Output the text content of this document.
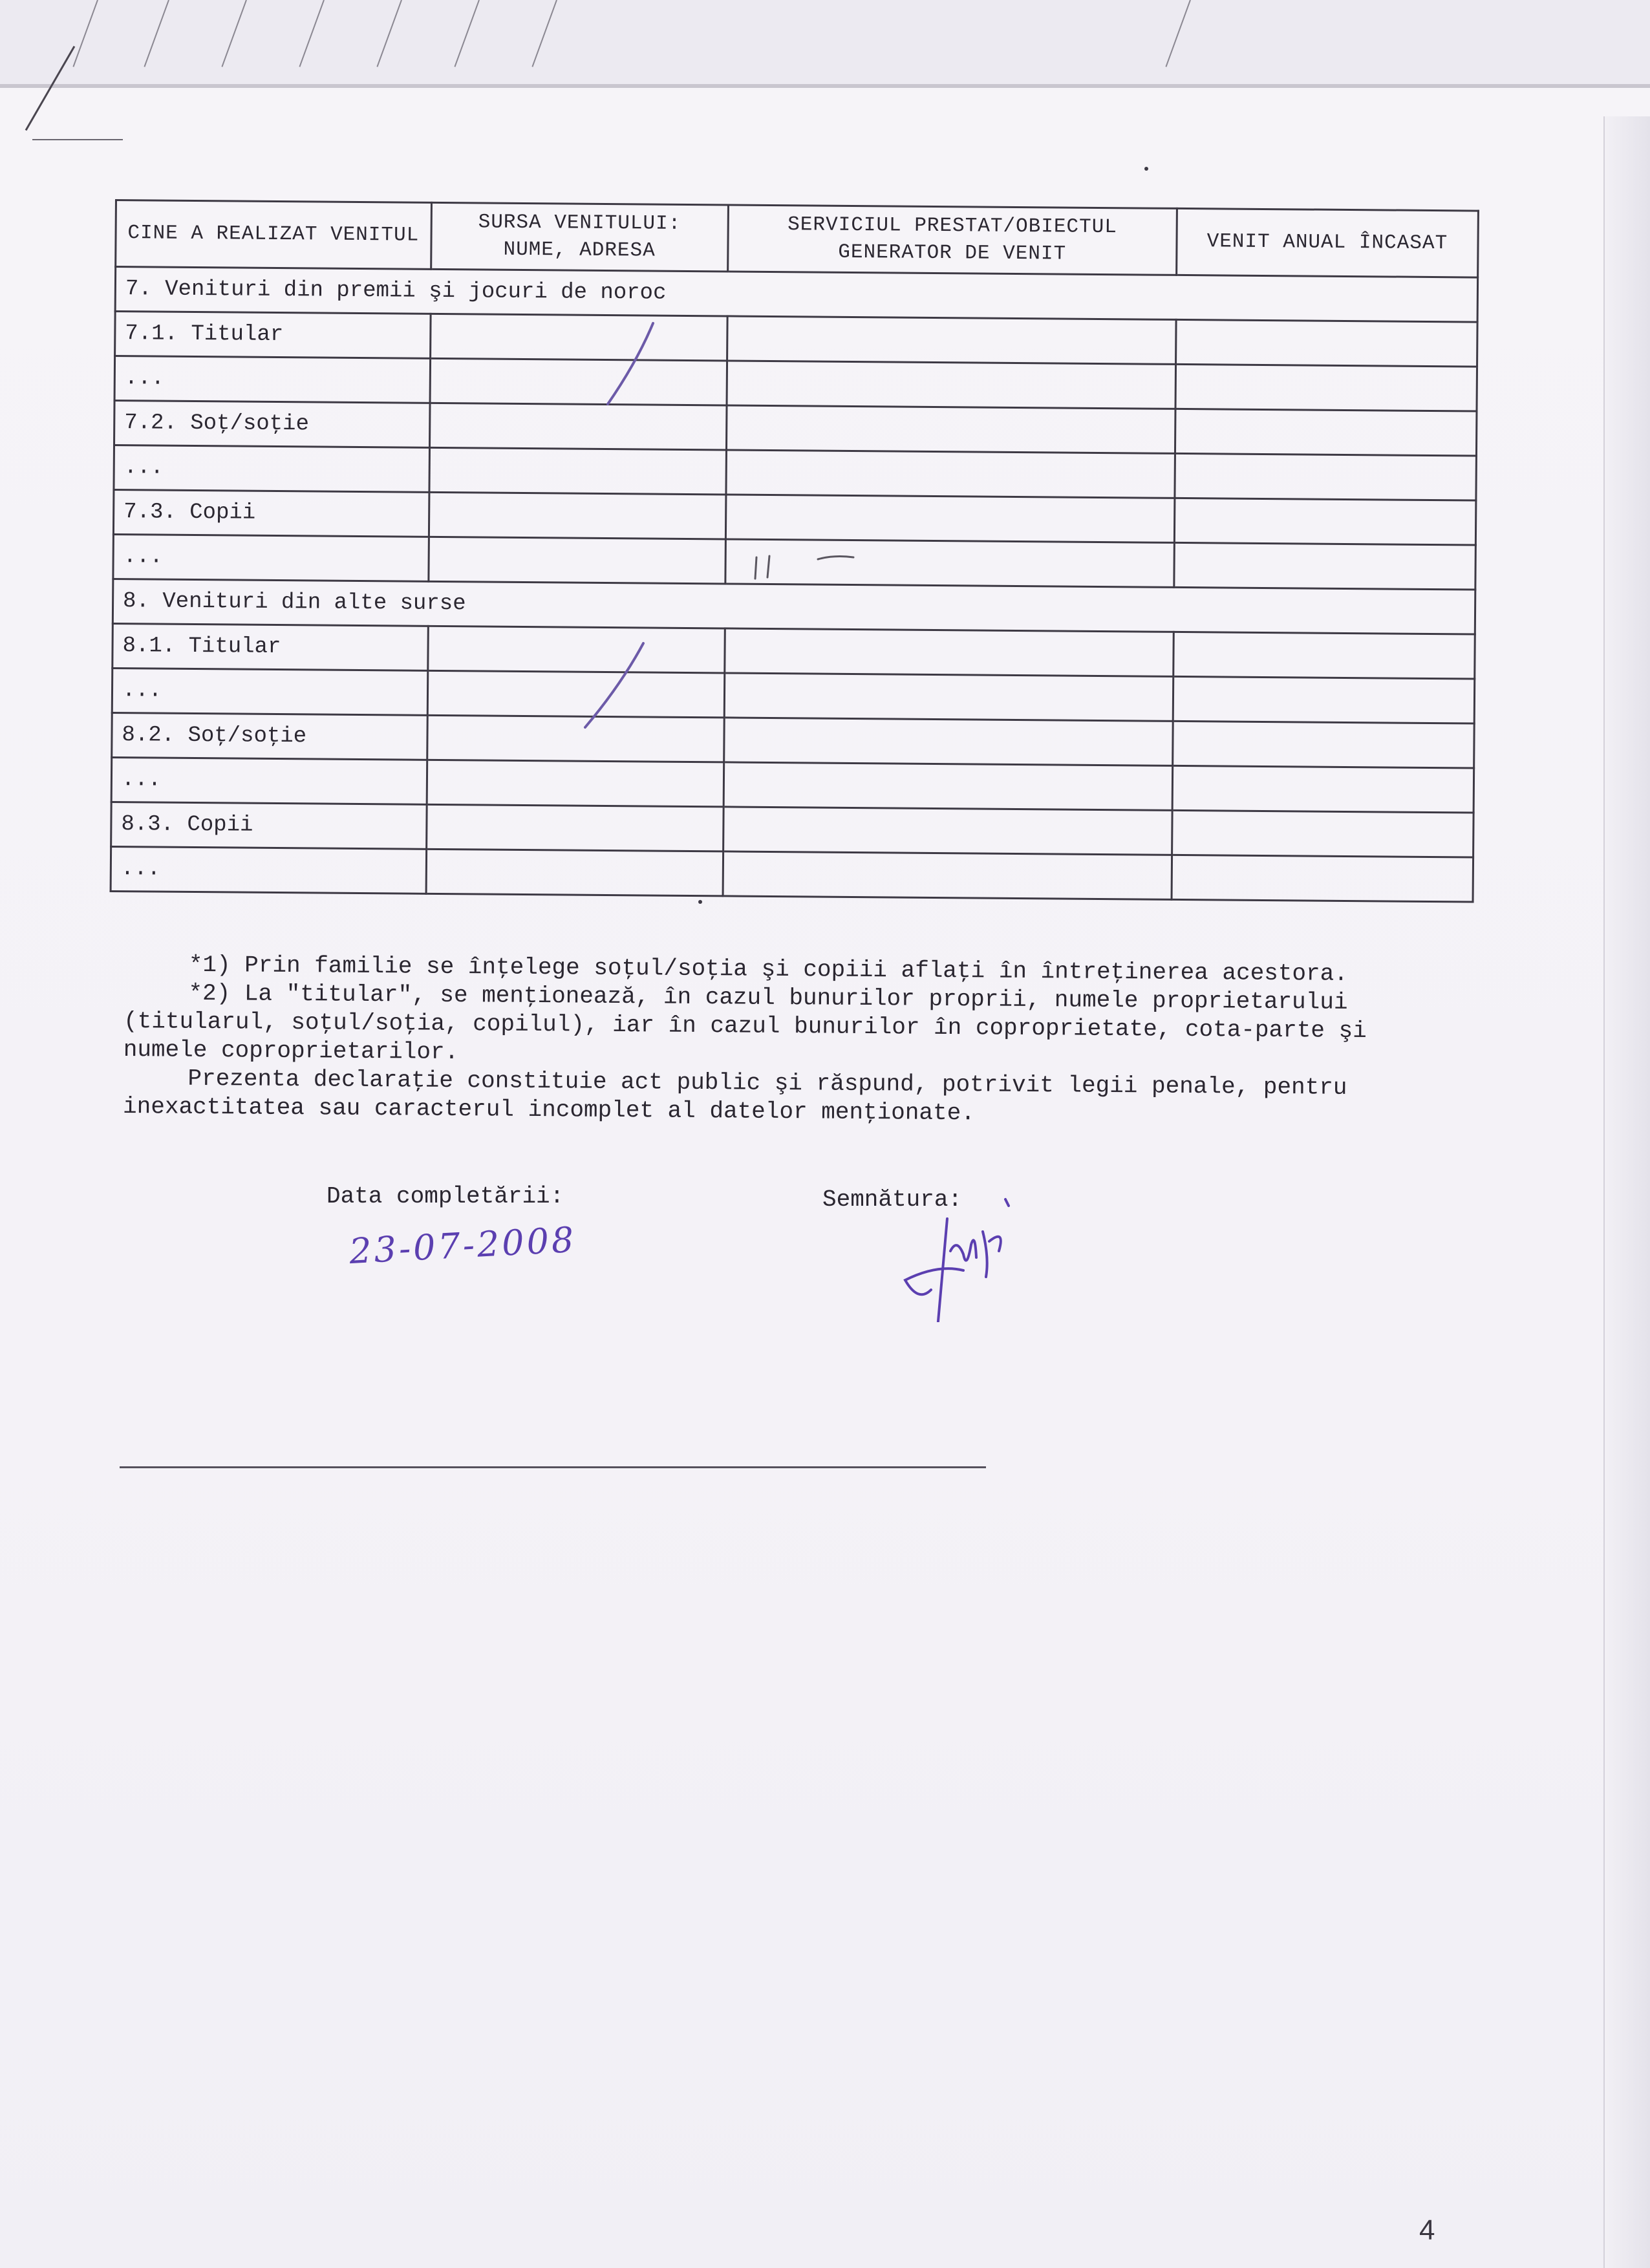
CINE A REALIZAT VENITUL	SURSA VENITULUI: NUME, ADRESA	SERVICIUL PRESTAT/OBIECTUL GENERATOR DE VENIT	VENIT ANUAL ÎNCASAT
7. Venituri din premii şi jocuri de noroc			
7.1. Titular			
...			
7.2. Soţ/soţie			
...			
7.3. Copii			
...			
8. Venituri din alte surse			
8.1. Titular			
...			
8.2. Soţ/soţie			
...			
8.3. Copii			
...			

*1) Prin familie se înţelege soţul/soţia şi copiii aflaţi în întreţinerea acestora.

*2) La "titular", se menţionează, în cazul bunurilor proprii, numele proprietarului (titularul, soţul/soţia, copilul), iar în cazul bunurilor în coproprietate, cota-parte şi numele coproprietarilor.

Prezenta declaraţie constituie act public şi răspund, potrivit legii penale, pentru inexactitatea sau caracterul incomplet al datelor menţionate.

Data completării:	Semnătura:
23-07-2008
4
